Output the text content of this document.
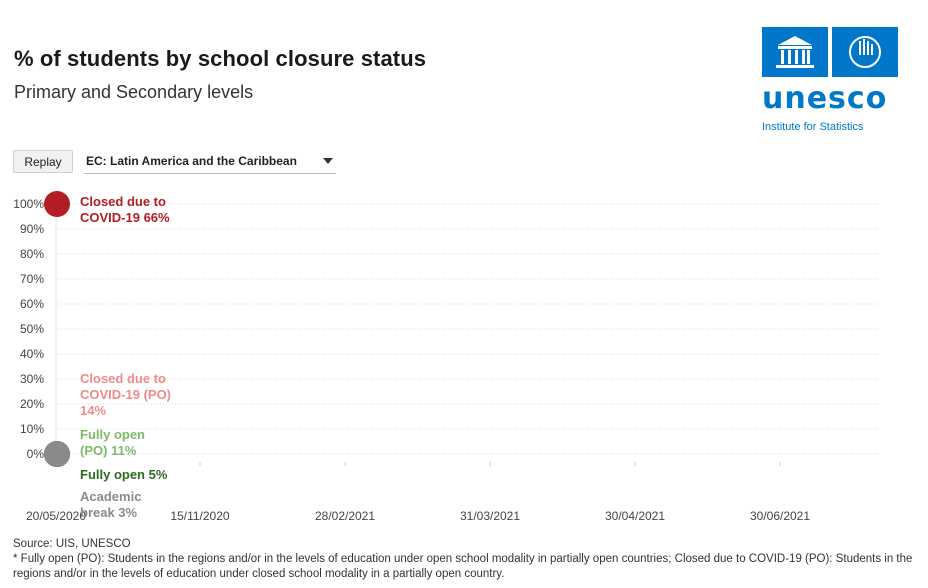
% of students by school closure status
Primary and Secondary levels	unesco
Institute for Statistics
Replay	EC: Latin America and the Caribbean
100%
90%
80%
70%
60%
50%
40%
30%
20%
10%
0%
20/05/2020	15/11/2020	28/02/2021	31/03/2021	30/04/2021	30/06/2021
Closed due to COVID-19 66%
Closed due to COVID-19 (PO) 14%
Fully open (PO) 11%
Fully open 5%
Academic break 3%
Source: UIS, UNESCO
* Fully open (PO): Students in the regions and/or in the levels of education under open school modality in partially open countries; Closed due to COVID-19 (PO): Students in the regions and/or in the levels of education under closed school modality in a partially open country.
